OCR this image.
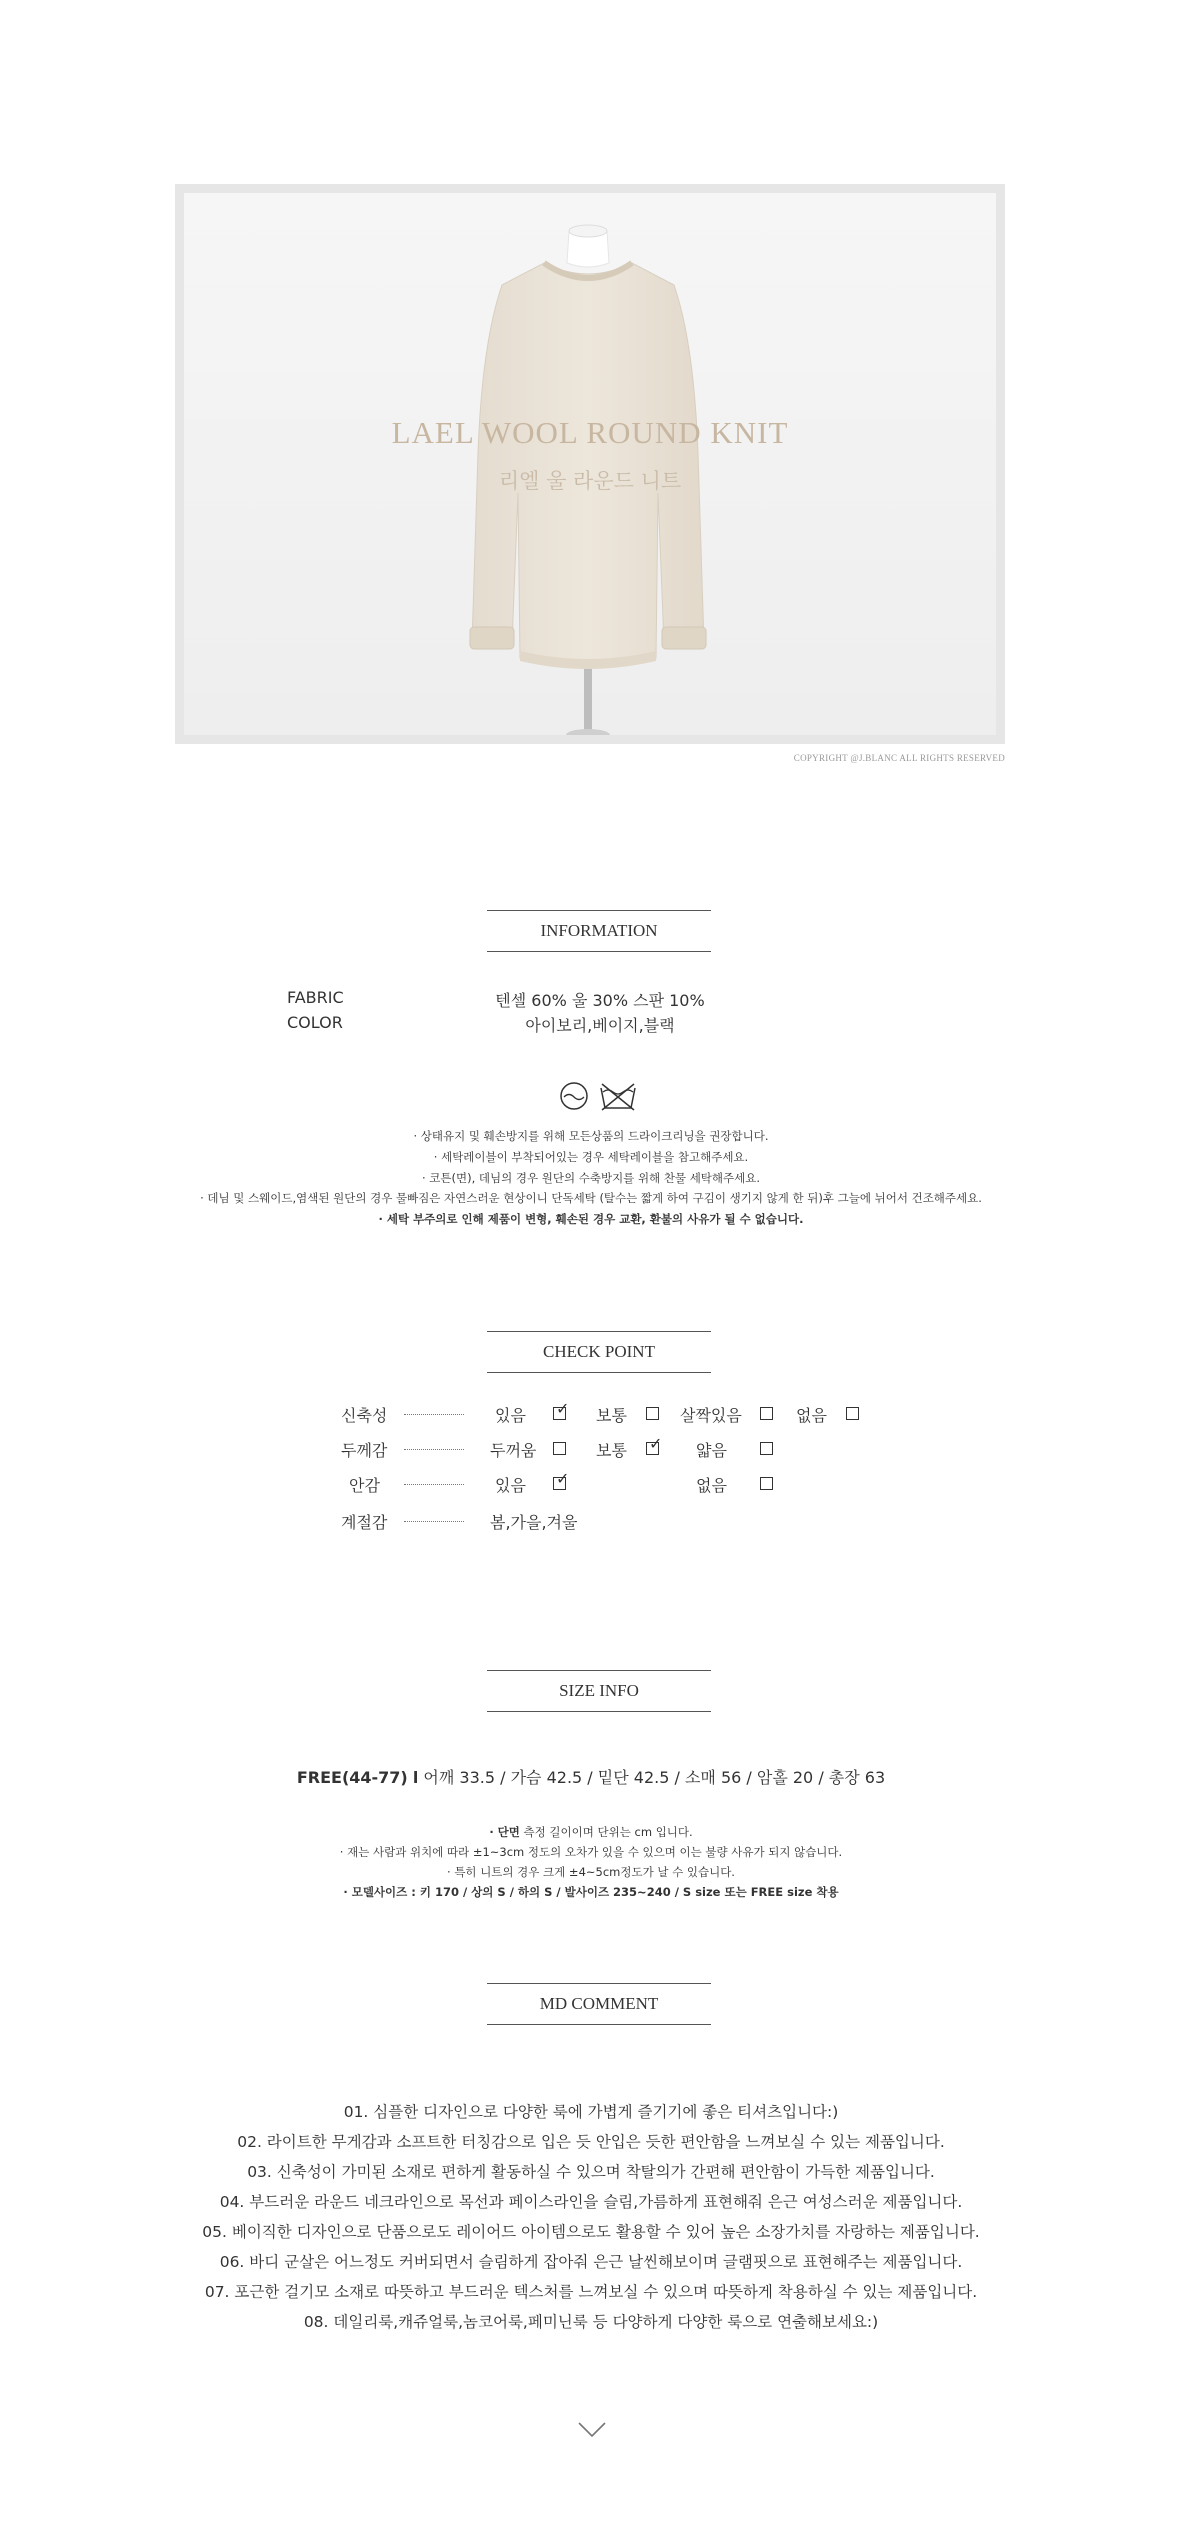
LAEL WOOL ROUND KNIT
리엘 울 라운드 니트
COPYRIGHT @J.BLANC ALL RIGHTS RESERVED
INFORMATION
FABRIC	텐셀 60% 울 30% 스판 10%
COLOR	아이보리,베이지,블랙
· 상태유지 및 훼손방지를 위해 모든상품의 드라이크리닝을 권장합니다.
· 세탁레이블이 부착되어있는 경우 세탁레이블을 참고해주세요.
· 코튼(면), 데님의 경우 원단의 수축방지를 위해 찬물 세탁해주세요.
· 데님 및 스웨이드,염색된 원단의 경우 물빠짐은 자연스러운 현상이니 단독세탁 (탈수는 짧게 하여 구김이 생기지 않게 한 뒤)후 그늘에 뉘어서 건조해주세요.
· 세탁 부주의로 인해 제품이 변형, 훼손된 경우 교환, 환불의 사유가 될 수 없습니다.
CHECK POINT
신축성	있음 ✓ 보통	살짝있음	없음
두께감	두꺼움	보통 ✓ 얇음
안감	있음 ✓	없음
계절감	봄,가을,겨울
SIZE INFO
FREE(44-77) l 어깨 33.5 / 가슴 42.5 / 밑단 42.5 / 소매 56 / 암홀 20 / 총장 63
· 단면 측정 길이이며 단위는 cm 입니다.
· 재는 사람과 위치에 따라 ±1~3cm 정도의 오차가 있을 수 있으며 이는 불량 사유가 되지 않습니다.
· 특히 니트의 경우 크게 ±4~5cm정도가 날 수 있습니다.
· 모델사이즈 : 키 170 / 상의 S / 하의 S / 발사이즈 235~240 / S size 또는 FREE size 착용
MD COMMENT
01. 심플한 디자인으로 다양한 룩에 가볍게 즐기기에 좋은 티셔츠입니다:)
02. 라이트한 무게감과 소프트한 터칭감으로 입은 듯 안입은 듯한 편안함을 느껴보실 수 있는 제품입니다.
03. 신축성이 가미된 소재로 편하게 활동하실 수 있으며 착탈의가 간편해 편안함이 가득한 제품입니다.
04. 부드러운 라운드 네크라인으로 목선과 페이스라인을 슬림,가름하게 표현해줘 은근 여성스러운 제품입니다.
05. 베이직한 디자인으로 단품으로도 레이어드 아이템으로도 활용할 수 있어 높은 소장가치를 자랑하는 제품입니다.
06. 바디 군살은 어느정도 커버되면서 슬림하게 잡아줘 은근 날씬해보이며 글램핏으로 표현해주는 제품입니다.
07. 포근한 걸기모 소재로 따뜻하고 부드러운 텍스처를 느껴보실 수 있으며 따뜻하게 착용하실 수 있는 제품입니다.
08. 데일리룩,캐쥬얼룩,놈코어룩,페미닌룩 등 다양하게 다양한 룩으로 연출해보세요:)
